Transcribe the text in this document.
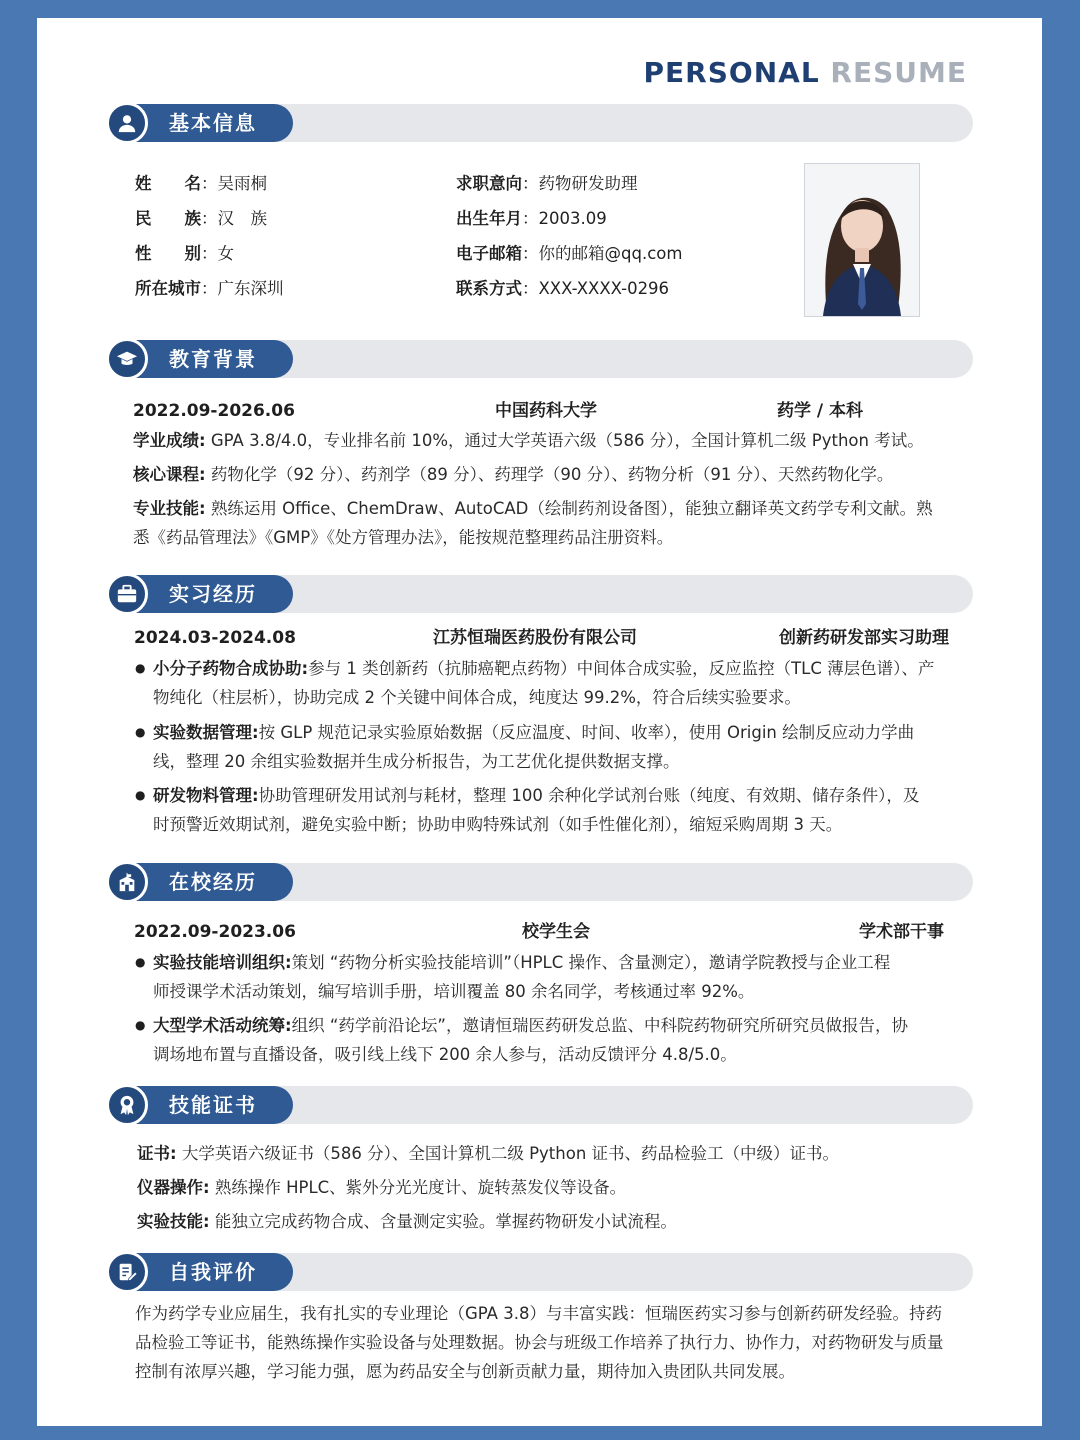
PERSONAL RESUME
基本信息
姓　　名：吴雨桐
民　　族：汉　族
性　　别：女
所在城市：广东深圳
求职意向：药物研发助理
出生年月：2003.09
电子邮箱：你的邮箱@qq.com
联系方式：XXX-XXXX-0296
教育背景
2022.09-2026.06	中国药科大学	药学 / 本科
学业成绩: GPA 3.8/4.0，专业排名前 10%，通过大学英语六级（586 分），全国计算机二级 Python 考试。
核心课程: 药物化学（92 分）、药剂学（89 分）、药理学（90 分）、药物分析（91 分）、天然药物化学。
专业技能: 熟练运用 Office、ChemDraw、AutoCAD（绘制药剂设备图），能独立翻译英文药学专利文献。熟
悉《药品管理法》《GMP》《处方管理办法》，能按规范整理药品注册资料。
实习经历
2024.03-2024.08	江苏恒瑞医药股份有限公司	创新药研发部实习助理
● 小分子药物合成协助:参与 1 类创新药（抗肺癌靶点药物）中间体合成实验，反应监控（TLC 薄层色谱）、产
物纯化（柱层析），协助完成 2 个关键中间体合成，纯度达 99.2%，符合后续实验要求。
● 实验数据管理:按 GLP 规范记录实验原始数据（反应温度、时间、收率），使用 Origin 绘制反应动力学曲
线，整理 20 余组实验数据并生成分析报告，为工艺优化提供数据支撑。
● 研发物料管理:协助管理研发用试剂与耗材，整理 100 余种化学试剂台账（纯度、有效期、储存条件），及
时预警近效期试剂，避免实验中断；协助申购特殊试剂（如手性催化剂），缩短采购周期 3 天。
在校经历
2022.09-2023.06	校学生会	学术部干事
● 实验技能培训组织:策划 “药物分析实验技能培训”（HPLC 操作、含量测定），邀请学院教授与企业工程
师授课学术活动策划，编写培训手册，培训覆盖 80 余名同学，考核通过率 92%。
● 大型学术活动统筹:组织 “药学前沿论坛”，邀请恒瑞医药研发总监、中科院药物研究所研究员做报告，协
调场地布置与直播设备，吸引线上线下 200 余人参与，活动反馈评分 4.8/5.0。
技能证书
证书: 大学英语六级证书（586 分）、全国计算机二级 Python 证书、药品检验工（中级）证书。
仪器操作: 熟练操作 HPLC、紫外分光光度计、旋转蒸发仪等设备。
实验技能: 能独立完成药物合成、含量测定实验。掌握药物研发小试流程。
自我评价
作为药学专业应届生，我有扎实的专业理论（GPA 3.8）与丰富实践：恒瑞医药实习参与创新药研发经验。持药
品检验工等证书，能熟练操作实验设备与处理数据。协会与班级工作培养了执行力、协作力，对药物研发与质量
控制有浓厚兴趣，学习能力强，愿为药品安全与创新贡献力量，期待加入贵团队共同发展。
